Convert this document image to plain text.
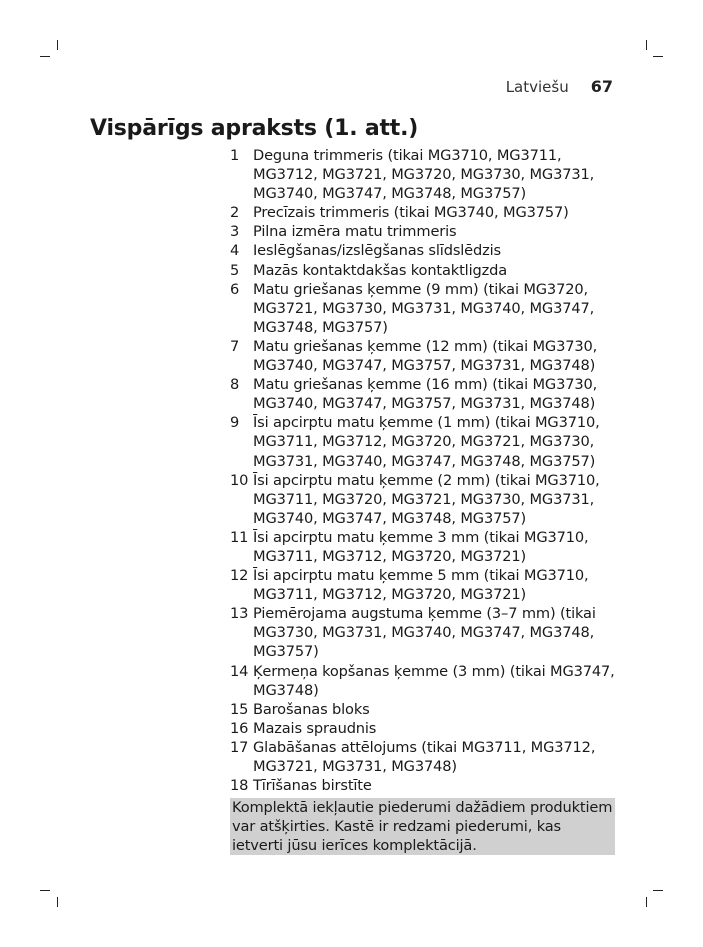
Latviešu 67
Vispārīgs apraksts (1. att.)
1 Deguna trimmeris (tikai MG3710, MG3711, MG3712, MG3721, MG3720, MG3730, MG3731, MG3740, MG3747, MG3748, MG3757)
2 Precīzais trimmeris (tikai MG3740, MG3757)
3 Pilna izmēra matu trimmeris
4 Ieslēgšanas/izslēgšanas slīdslēdzis
5 Mazās kontaktdakšas kontaktligzda
6 Matu griešanas ķemme (9 mm) (tikai MG3720, MG3721, MG3730, MG3731, MG3740, MG3747, MG3748, MG3757)
7 Matu griešanas ķemme (12 mm) (tikai MG3730, MG3740, MG3747, MG3757, MG3731, MG3748)
8 Matu griešanas ķemme (16 mm) (tikai MG3730, MG3740, MG3747, MG3757, MG3731, MG3748)
9 Īsi apcirptu matu ķemme (1 mm) (tikai MG3710, MG3711, MG3712, MG3720, MG3721, MG3730, MG3731, MG3740, MG3747, MG3748, MG3757)
10 Īsi apcirptu matu ķemme (2 mm) (tikai MG3710, MG3711, MG3720, MG3721, MG3730, MG3731, MG3740, MG3747, MG3748, MG3757)
11 Īsi apcirptu matu ķemme 3 mm (tikai MG3710, MG3711, MG3712, MG3720, MG3721)
12 Īsi apcirptu matu ķemme 5 mm (tikai MG3710, MG3711, MG3712, MG3720, MG3721)
13 Piemērojama augstuma ķemme (3–7 mm) (tikai MG3730, MG3731, MG3740, MG3747, MG3748, MG3757)
14 Ķermeņa kopšanas ķemme (3 mm) (tikai MG3747, MG3748)
15 Barošanas bloks
16 Mazais spraudnis
17 Glabāšanas attēlojums (tikai MG3711, MG3712, MG3721, MG3731, MG3748)
18 Tīrīšanas birstīte
Komplektā iekļautie piederumi dažādiem produktiem var atšķirties. Kastē ir redzami piederumi, kas ietverti jūsu ierīces komplektācijā.
